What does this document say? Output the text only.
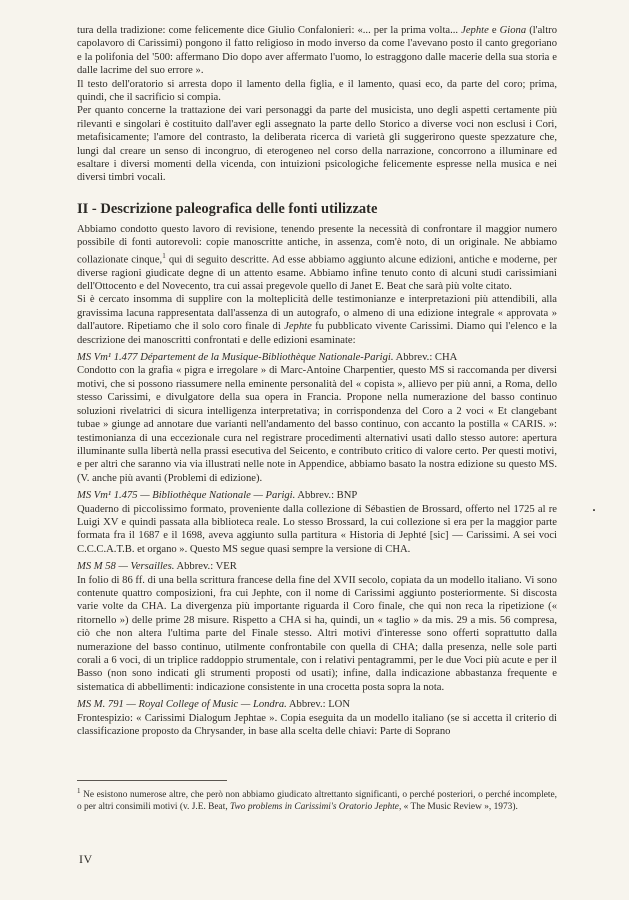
tura della tradizione: come felicemente dice Giulio Confalonieri: «... per la prima volta... Jephte e Giona (l'altro capolavoro di Carissimi) pongono il fatto religioso in modo inverso da come l'avevano posto il canto gregoriano e la polifonia del '500: affermano Dio dopo aver affermato l'uomo, lo estraggono dalle macerie della sua storia e dalle lacrime del suo errore ».

Il testo dell'oratorio si arresta dopo il lamento della figlia, e il lamento, quasi eco, da parte del coro; prima, quindi, che il sacrificio si compia.

Per quanto concerne la trattazione dei vari personaggi da parte del musicista, uno degli aspetti certamente più rilevanti e singolari è costituito dall'aver egli assegnato la parte dello Storico a diverse voci non esclusi i Cori, metafisicamente; l'amore del contrasto, la deliberata ricerca di varietà gli suggerirono queste spezzature che, lungi dal creare un senso di incongruo, di eterogeneo nel corso della narrazione, concorrono a illuminare ed esaltare i diversi momenti della vicenda, con intuizioni psicologiche felicemente espresse nella musica e nei diversi timbri vocali.

II - Descrizione paleografica delle fonti utilizzate

Abbiamo condotto questo lavoro di revisione, tenendo presente la necessità di confrontare il maggior numero possibile di fonti autorevoli: copie manoscritte antiche, in assenza, com'è noto, di un originale. Ne abbiamo collazionate cinque,$^1$ qui di seguito descritte. Ad esse abbiamo aggiunto alcune edizioni, antiche e moderne, per diverse ragioni giudicate degne di un attento esame. Abbiamo infine tenuto conto di alcuni studi carissimiani dell'Ottocento e del Novecento, tra cui assai pregevole quello di Janet E. Beat che sarà più volte citato.

Si è cercato insomma di supplire con la molteplicità delle testimonianze e interpretazioni più attendibili, alla gravissima lacuna rappresentata dall'assenza di un autografo, o almeno di una edizione integrale « approvata » dall'autore. Ripetiamo che il solo coro finale di Jephte fu pubblicato vivente Carissimi. Diamo qui l'elenco e la descrizione dei manoscritti confrontati e delle edizioni esaminate:

MS Vm¹ 1.477 Département de la Musique-Bibliothèque Nationale-Parigi. Abbrev.: CHA

Condotto con la grafia « pigra e irregolare » di Marc-Antoine Charpentier, questo MS si raccomanda per diversi motivi, che si possono riassumere nella eminente personalità del « copista », allievo per più anni, a Roma, dello stesso Carissimi, e divulgatore della sua opera in Francia. Propone nella numerazione del basso continuo soluzioni rivelatrici di sicura intelligenza interpretativa; in corrispondenza del Coro a 2 voci « Et clangebant tubae » giunge ad annotare due varianti nell'andamento del basso continuo, con accanto la postilla « CARIS. »: testimonianza di una eccezionale cura nel registrare procedimenti alternativi usati dallo stesso autore: apertura illuminante sulla libertà nella prassi esecutiva del Seicento, e contributo critico di valore certo. Per questi motivi, e per altri che saranno via via illustrati nelle note in Appendice, abbiamo basato la nostra edizione su questo MS. (V. anche più avanti (Problemi di edizione).

MS Vm¹ 1.475 — Bibliothèque Nationale — Parigi. Abbrev.: BNP

Quaderno di piccolissimo formato, proveniente dalla collezione di Sébastien de Brossard, offerto nel 1725 al re Luigi XV e quindi passata alla biblioteca reale. Lo stesso Brossard, la cui collezione si era per la maggior parte formata fra il 1687 e il 1698, aveva aggiunto sulla partitura « Historia di Jephté [sic] — Carissimi. A sei voci C.C.C.A.T.B. et organo ». Questo MS segue quasi sempre la versione di CHA.

MS M 58 — Versailles. Abbrev.: VER

In folio di 86 ff. di una bella scrittura francese della fine del XVII secolo, copiata da un modello italiano. Vi sono contenute quattro composizioni, fra cui Jephte, con il nome di Carissimi aggiunto posteriormente. Si discosta varie volte da CHA. La divergenza più importante riguarda il Coro finale, che qui non reca la ripetizione (« ritornello ») delle prime 28 misure. Rispetto a CHA si ha, quindi, un « taglio » da mis. 29 a mis. 56 compresa, ciò che non altera l'ultima parte del Finale stesso. Altri motivi d'interesse sono offerti soprattutto dalla numerazione del basso continuo, utilmente confrontabile con quella di CHA; dalla presenza, nelle sole parti corali a 6 voci, di un triplice raddoppio strumentale, con i relativi pentagrammi, per le due Voci più acute e per il Basso (non sono indicati gli strumenti proposti od usati); infine, dalla indicazione abbastanza frequente e sistematica di abbellimenti: indicazione consistente in una crocetta posta sopra la nota.

MS M. 791 — Royal College of Music — Londra. Abbrev.: LON

Frontespizio: « Carissimi Dialogum Jephtae ». Copia eseguita da un modello italiano (se si accetta il criterio di classificazione proposto da Chrysander, in base alla scelta delle chiavi: Parte di Soprano

·
$^1$ Ne esistono numerose altre, che però non abbiamo giudicato altrettanto significanti, o perché posteriori, o perché incomplete, o per altri consimili motivi (v. J.E. Beat, Two problems in Carissimi's Oratorio Jephte, « The Music Review », 1973).
IV
